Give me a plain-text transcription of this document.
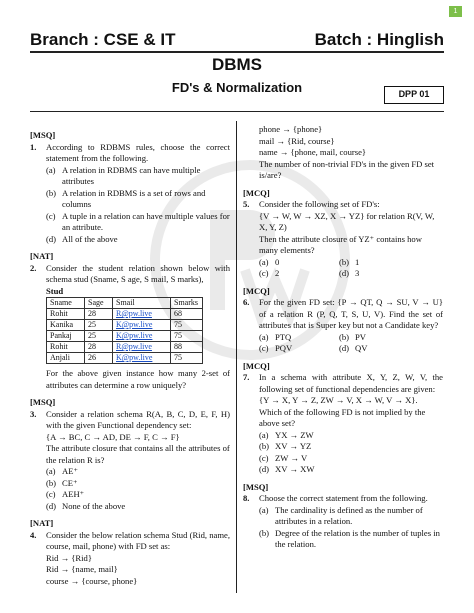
1
Branch : CSE & IT	Batch : Hinglish
DBMS
FD's & Normalization	DPP 01
[MSQ]
1. According to RDBMS rules, choose the correct statement from the following.
(a) A relation in RDBMS can have multiple attributes
(b) A relation in RDBMS is a set of rows and columns
(c) A tuple in a relation can have multiple values for an attribute.
(d) All of the above
[NAT]
2. Consider the student relation shown below with schema stud (Sname, S age, S mail, S marks),
Stud
Sname	Sage	Smail	Smarks
Rohit	28	R@pw.live	68
Kanika	25	K@pw.live	75
Pankaj	25	K@pw.live	75
Rohit	28	R@pw.live	88
Anjali	26	K@pw.live	75
For the above given instance how many 2-set of attributes can determine a row uniquely?
[MSQ]
3. Consider a relation schema R(A, B, C, D, E, F, H) with the given Functional dependency set:
{A → BC, C → AD, DE → F, C → F}
The attribute closure that contains all the attributes of the relation R is?
(a) AE⁺
(b) CE⁺
(c) AEH⁺
(d) None of the above
[NAT]
4. Consider the below relation schema Stud (Rid, name, course, mail, phone) with FD set as:
Rid → {Rid}
Rid → {name, mail}
course → {course, phone}
phone → {phone}
mail → {Rid, course}
name → {phone, mail, course}
The number of non-trivial FD's in the given FD set is/are?
[MCQ]
5. Consider the following set of FD's:
{V → W, W → XZ, X → YZ} for relation R(V, W, X, Y, Z)
Then the attribute closure of YZ⁺ contains how many elements?
(a) 0	(b) 1
(c) 2	(d) 3
[MCQ]
6. For the given FD set: {P → QT, Q → SU, V → U} of a relation R (P, Q, T, S, U, V). Find the set of attributes that is Super key but not a Candidate key?
(a) PTQ	(b) PV
(c) PQV	(d) QV
[MCQ]
7. In a schema with attribute X, Y, Z, W, V, the following set of functional dependencies are given:
{Y → X, Y → Z, ZW → V, X → W, V → X}.
Which of the following FD is not implied by the above set?
(a) YX → ZW
(b) XV → YZ
(c) ZW → V
(d) XV → XW
[MSQ]
8. Choose the correct statement from the following.
(a) The cardinality is defined as the number of attributes in a relation.
(b) Degree of the relation is the number of tuples in the relation.
